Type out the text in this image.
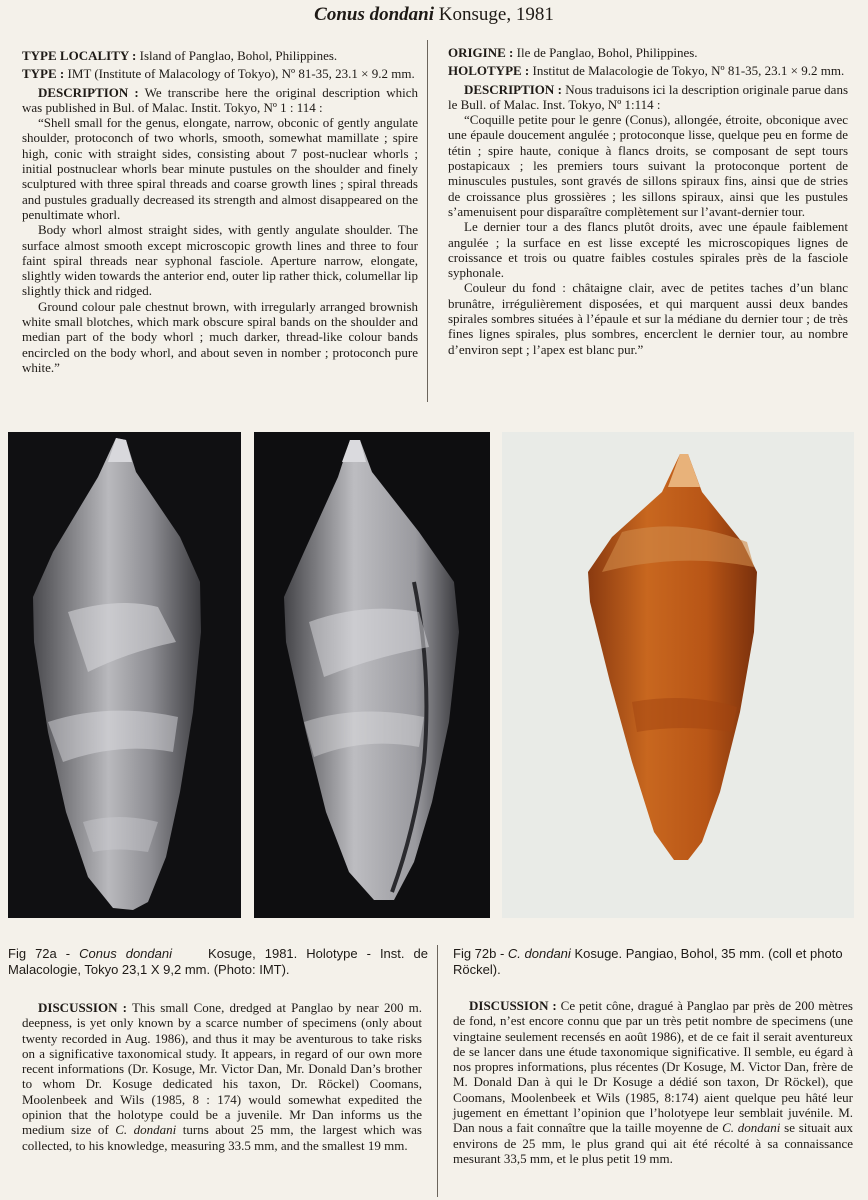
Conus dondani Konsuge, 1981

TYPE LOCALITY : Island of Panglao, Bohol, Philippines.

TYPE : IMT (Institute of Malacology of Tokyo), Nº 81-35, 23.1 × 9.2 mm.

DESCRIPTION : We transcribe here the original description which was published in Bul. of Malac. Instit. Tokyo, Nº 1 : 114 :

“Shell small for the genus, elongate, narrow, obconic of gently angulate shoulder, protoconch of two whorls, smooth, somewhat mamillate ; spire high, conic with straight sides, consisting about 7 post-nuclear whorls ; initial postnuclear whorls bear minute pustules on the shoulder and finely sculptured with three spiral threads and coarse growth lines ; spiral threads and pustules gradually decreased its strength and almost disappeared on the penultimate whorl.

Body whorl almost straight sides, with gently angulate shoulder. The surface almost smooth except microscopic growth lines and three to four faint spiral threads near syphonal fasciole. Aperture narrow, elongate, slightly widen towards the anterior end, outer lip rather thick, columellar lip slightly thick and ridged.

Ground colour pale chestnut brown, with irregularly arranged brownish white small blotches, which mark obscure spiral bands on the shoulder and median part of the body whorl ; much darker, thread-like colour bands encircled on the body whorl, and about seven in nomber ; protoconch pure white.”

ORIGINE : Ile de Panglao, Bohol, Philippines.

HOLOTYPE : Institut de Malacologie de Tokyo, Nº 81-35, 23.1 × 9.2 mm.

DESCRIPTION : Nous traduisons ici la description originale parue dans le Bull. of Malac. Inst. Tokyo, Nº 1:114 :

“Coquille petite pour le genre (Conus), allongée, étroite, obconique avec une épaule doucement angulée ; protoconque lisse, quelque peu en forme de tétin ; spire haute, conique à flancs droits, se composant de sept tours postapicaux ; les premiers tours suivant la protoconque portent de minuscules pustules, sont gravés de sillons spiraux fins, ainsi que de stries de croissance plus grossières ; les sillons spiraux, ainsi que les pustules s’amenuisent pour disparaître complètement sur l’avant-dernier tour.

Le dernier tour a des flancs plutôt droits, avec une épaule faiblement angulée ; la surface en est lisse excepté les microscopiques lignes de croissance et trois ou quatre faibles costules spirales près de la fasciole syphonale.

Couleur du fond : châtaigne clair, avec de petites taches d’un blanc brunâtre, irrégulièrement disposées, et qui marquent aussi deux bandes spirales sombres situées à l’épaule et sur la médiane du dernier tour ; de très fines lignes spirales, plus sombres, encerclent le dernier tour, au nombre d’environ sept ; l’apex est blanc pur.”

Fig 72a - Conus dondani	Kosuge, 1981. Holotype - Inst. de Malacologie, Tokyo 23,1 X 9,2 mm. (Photo: IMT).
Fig 72b - C. dondani Kosuge. Pangiao, Bohol, 35 mm. (coll et photo Röckel).
DISCUSSION : This small Cone, dredged at Panglao by near 200 m. deepness, is yet only known by a scarce number of specimens (only about twenty recorded in Aug. 1986), and thus it may be aventurous to take risks on a significative taxonomical study. It appears, in regard of our own more recent informations (Dr. Kosuge, Mr. Victor Dan, Mr. Donald Dan’s brother to whom Dr. Kosuge dedicated his taxon, Dr. Röckel) Coomans, Moolenbeek and Wils (1985, 8 : 174) would somewhat expedited the opinion that the holotype could be a juvenile. Mr Dan informs us the medium size of C. dondani turns about 25 mm, the largest which was collected, to his knowledge, measuring 33.5 mm, and the smallest 19 mm.
DISCUSSION : Ce petit cône, dragué à Panglao par près de 200 mètres de fond, n’est encore connu que par un très petit nombre de specimens (une vingtaine seulement recensés en août 1986), et de ce fait il serait aventureux de se lancer dans une étude taxonomique significative. Il semble, eu égard à nos propres informations, plus récentes (Dr Kosuge, M. Victor Dan, frère de M. Donald Dan à qui le Dr Kosuge a dédié son taxon, Dr Röckel), que Coomans, Moolenbeek et Wils (1985, 8:174) aient quelque peu hâté leur jugement en émettant l’opinion que l’holotyepe leur semblait juvénile. M. Dan nous a fait connaître que la taille moyenne de C. dondani se situait aux environs de 25 mm, le plus grand qui ait été récolté à sa connaissance mesurant 33,5 mm, et le plus petit 19 mm.
